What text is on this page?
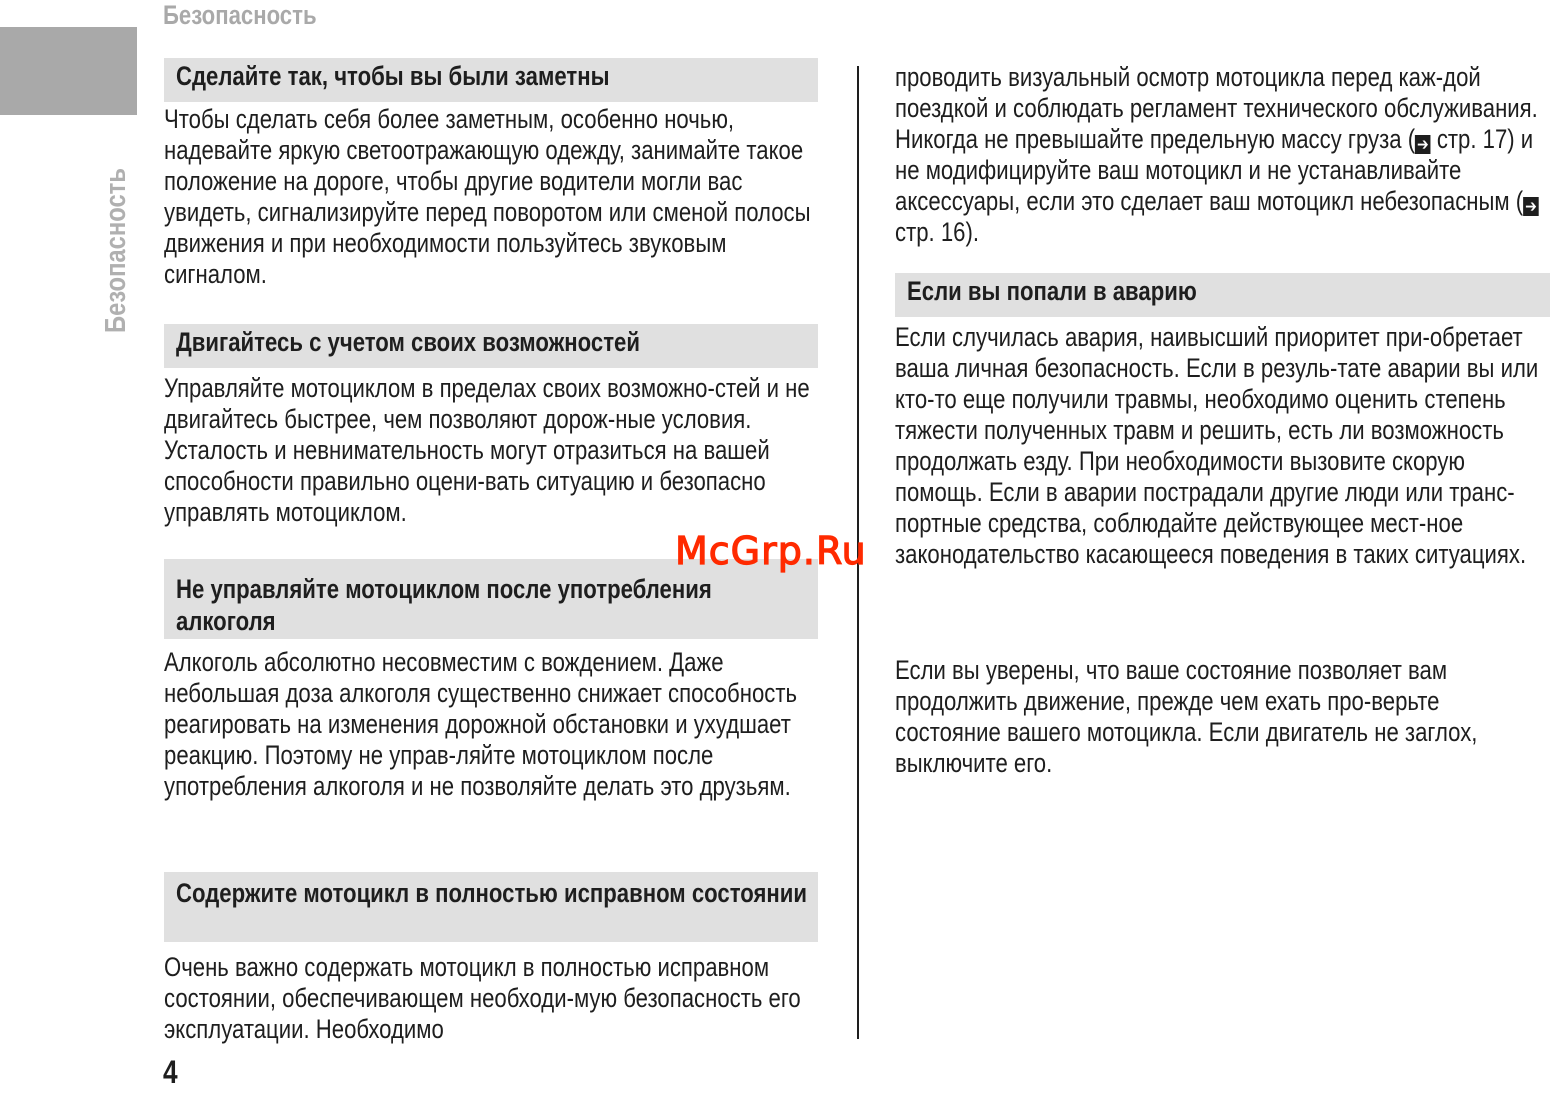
Безопасность
Безопасность
Сделайте так, чтобы вы были заметны
Чтобы сделать себя более заметным, особенно ночью, надевайте яркую светоотражающую одежду, занимайте такое положение на дороге, чтобы другие водители могли вас увидеть, сигнализируйте перед поворотом или сменой полосы движения и при необходимости пользуйтесь звуковым сигналом.
Двигайтесь с учетом своих возможностей
Управляйте мотоциклом в пределах своих возможно-стей и не двигайтесь быстрее, чем позволяют дорож-ные условия. Усталость и невнимательность могут отразиться на вашей способности правильно оцени-вать ситуацию и безопасно управлять мотоциклом.
Не управляйте мотоциклом после употребления алкоголя
Алкоголь абсолютно несовместим с вождением. Даже небольшая доза алкоголя существенно снижает способность реагировать на изменения дорожной обстановки и ухудшает реакцию. Поэтому не управ-ляйте мотоциклом после употребления алкоголя и не позволяйте делать это друзьям.
Содержите мотоцикл в полностью исправном состоянии
Очень важно содержать мотоцикл в полностью исправном состоянии, обеспечивающем необходи-мую безопасность его эксплуатации. Необходимо
проводить визуальный осмотр мотоцикла перед каж-дой поездкой и соблюдать регламент технического обслуживания. Никогда не превышайте предельную массу груза ( ➔ стр. 17) и не модифицируйте ваш мотоцикл и не устанавливайте аксессуары, если это сделает ваш мотоцикл небезопасным ( ➔ стр. 16).
Если вы попали в аварию
Если случилась авария, наивысший приоритет при-обретает ваша личная безопасность. Если в резуль-тате аварии вы или кто-то еще получили травмы, необходимо оценить степень тяжести полученных травм и решить, есть ли возможность продолжать езду. При необходимости вызовите скорую помощь. Если в аварии пострадали другие люди или транс-портные средства, соблюдайте действующее мест-ное законодательство касающееся поведения в таких ситуациях.
Если вы уверены, что ваше состояние позволяет вам продолжить движение, прежде чем ехать про-верьте состояние вашего мотоцикла. Если двигатель не заглох, выключите его.
McGrp.Ru
4
